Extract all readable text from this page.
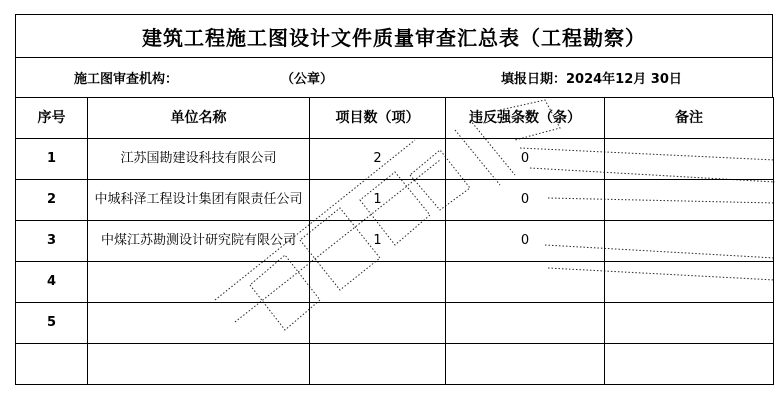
建筑工程施工图设计文件质量审查汇总表（工程勘察）
施工图审查机构：	（公章）	填报日期：2024年12月 30日
序号	单位名称	项目数（项）	违反强条数（条）	备注
1	江苏国勘建设科技有限公司	2	0	
2	中城科泽工程设计集团有限责任公司	1	0	
3	中煤江苏勘测设计研究院有限公司	1	0	
4				
5				
